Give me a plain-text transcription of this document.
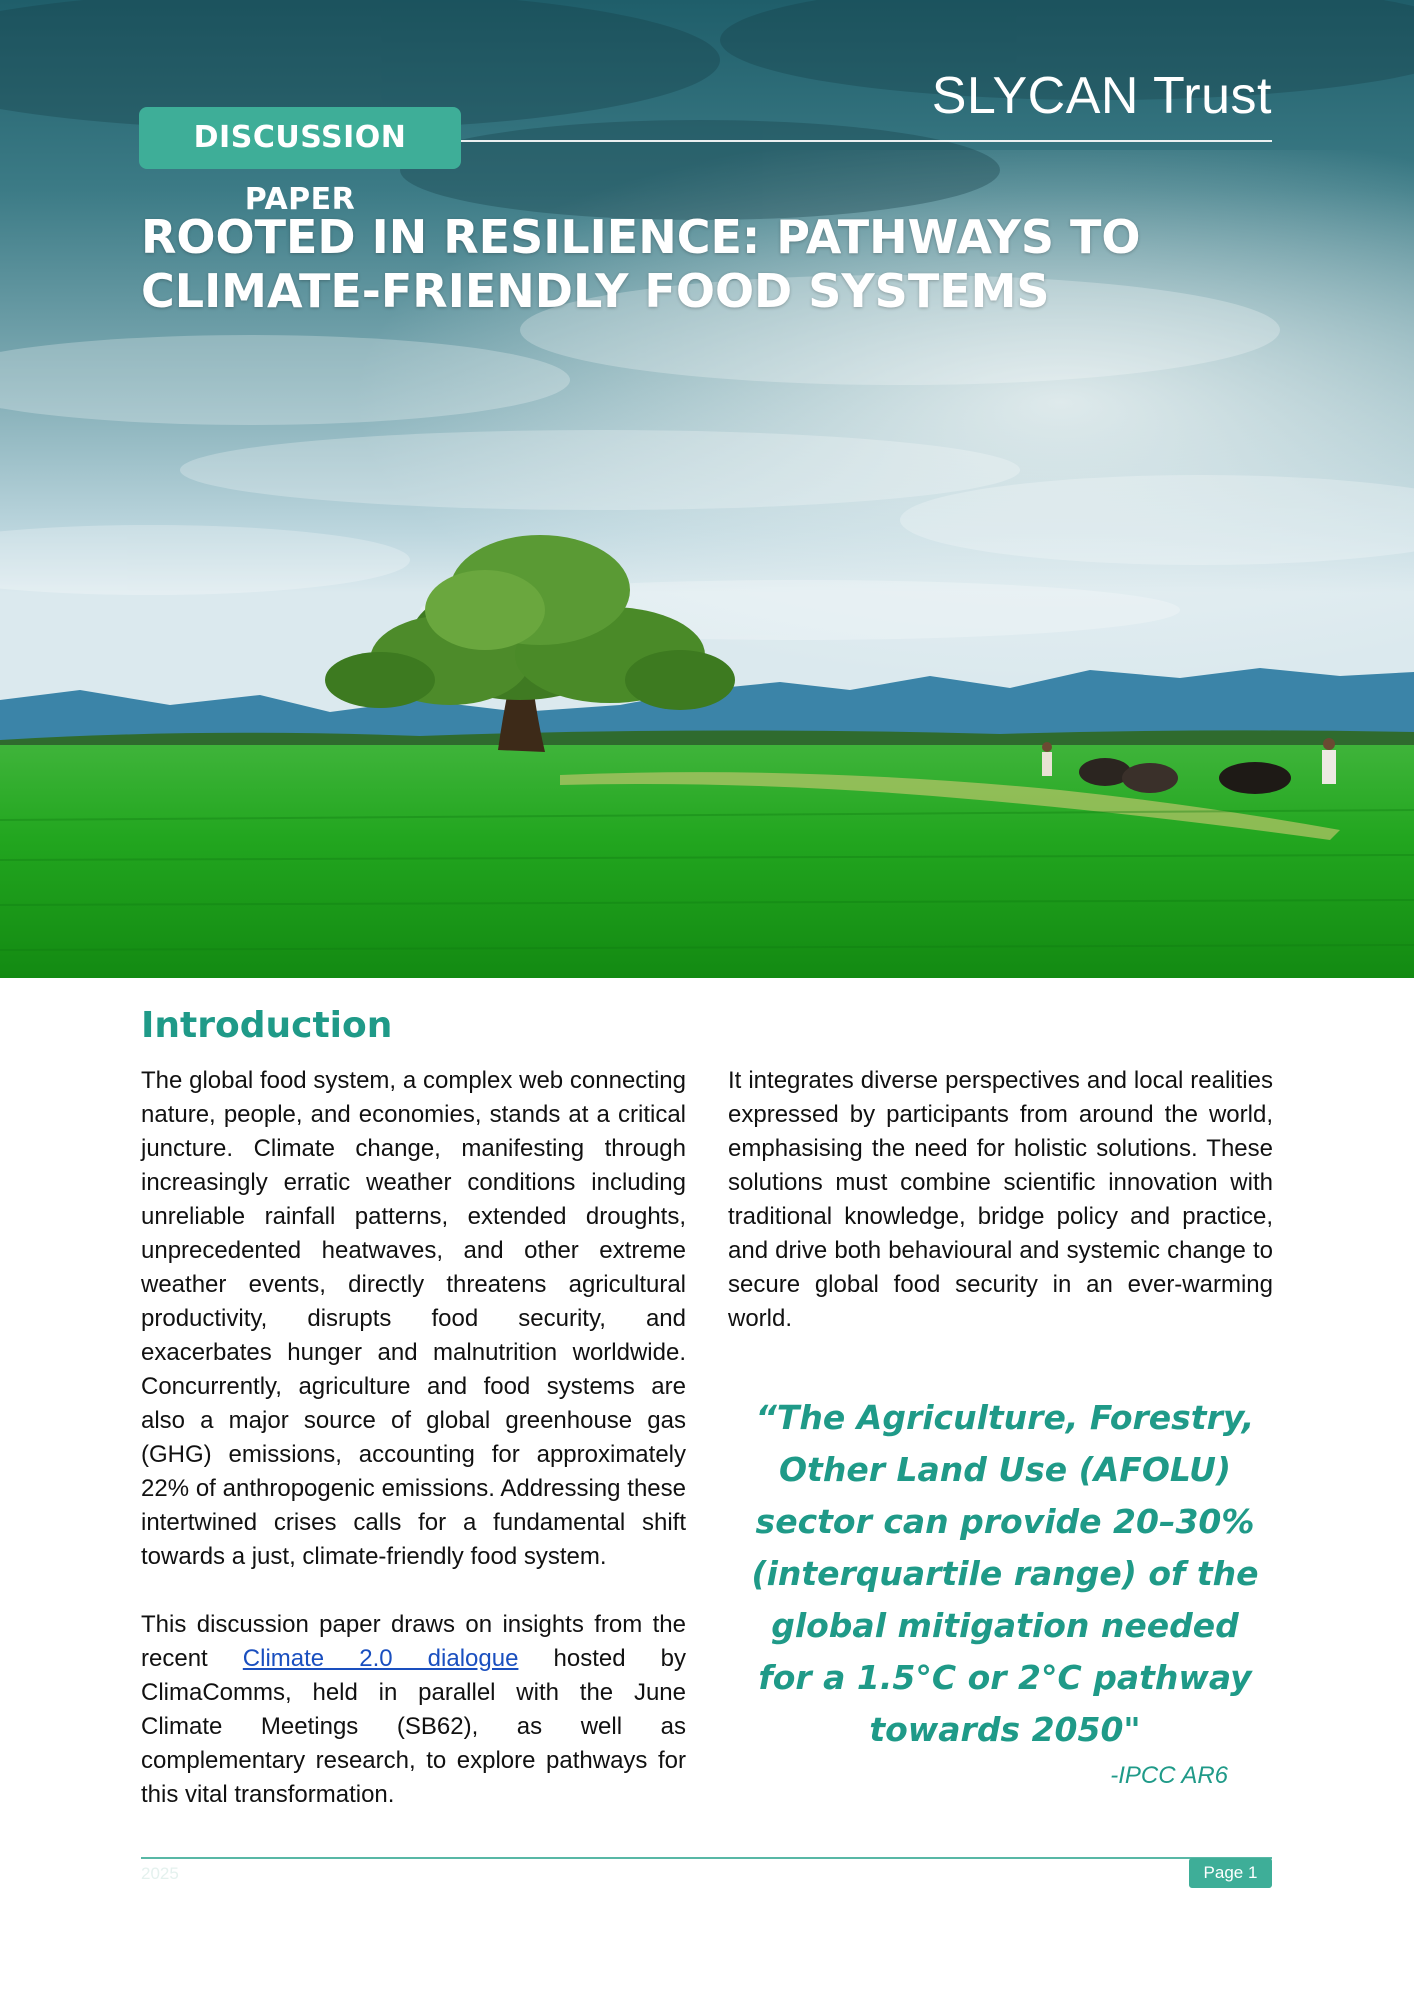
SLYCAN Trust
DISCUSSION PAPER
ROOTED IN RESILIENCE: PATHWAYS TO CLIMATE-FRIENDLY FOOD SYSTEMS
Introduction

The global food system, a complex web connecting nature, people, and economies, stands at a critical juncture. Climate change, manifesting through increasingly erratic weather conditions including unreliable rainfall patterns, extended droughts, unprecedented heatwaves, and other extreme weather events, directly threatens agricultural productivity, disrupts food security, and exacerbates hunger and malnutrition worldwide. Concurrently, agriculture and food systems are also a major source of global greenhouse gas (GHG) emissions, accounting for approximately 22% of anthropogenic emissions. Addressing these intertwined crises calls for a fundamental shift towards a just, climate-friendly food system.

This discussion paper draws on insights from the recent Climate 2.0 dialogue hosted by ClimaComms, held in parallel with the June Climate Meetings (SB62), as well as complementary research, to explore pathways for this vital transformation.

It integrates diverse perspectives and local realities expressed by participants from around the world, emphasising the need for holistic solutions. These solutions must combine scientific innovation with traditional knowledge, bridge policy and practice, and drive both behavioural and systemic change to secure global food security in an ever-warming world.

“The Agriculture, Forestry, Other Land Use (AFOLU) sector can provide 20–30% (interquartile range) of the global mitigation needed for a 1.5°C or 2°C pathway towards 2050"

-IPCC AR6
2025	Page 1
